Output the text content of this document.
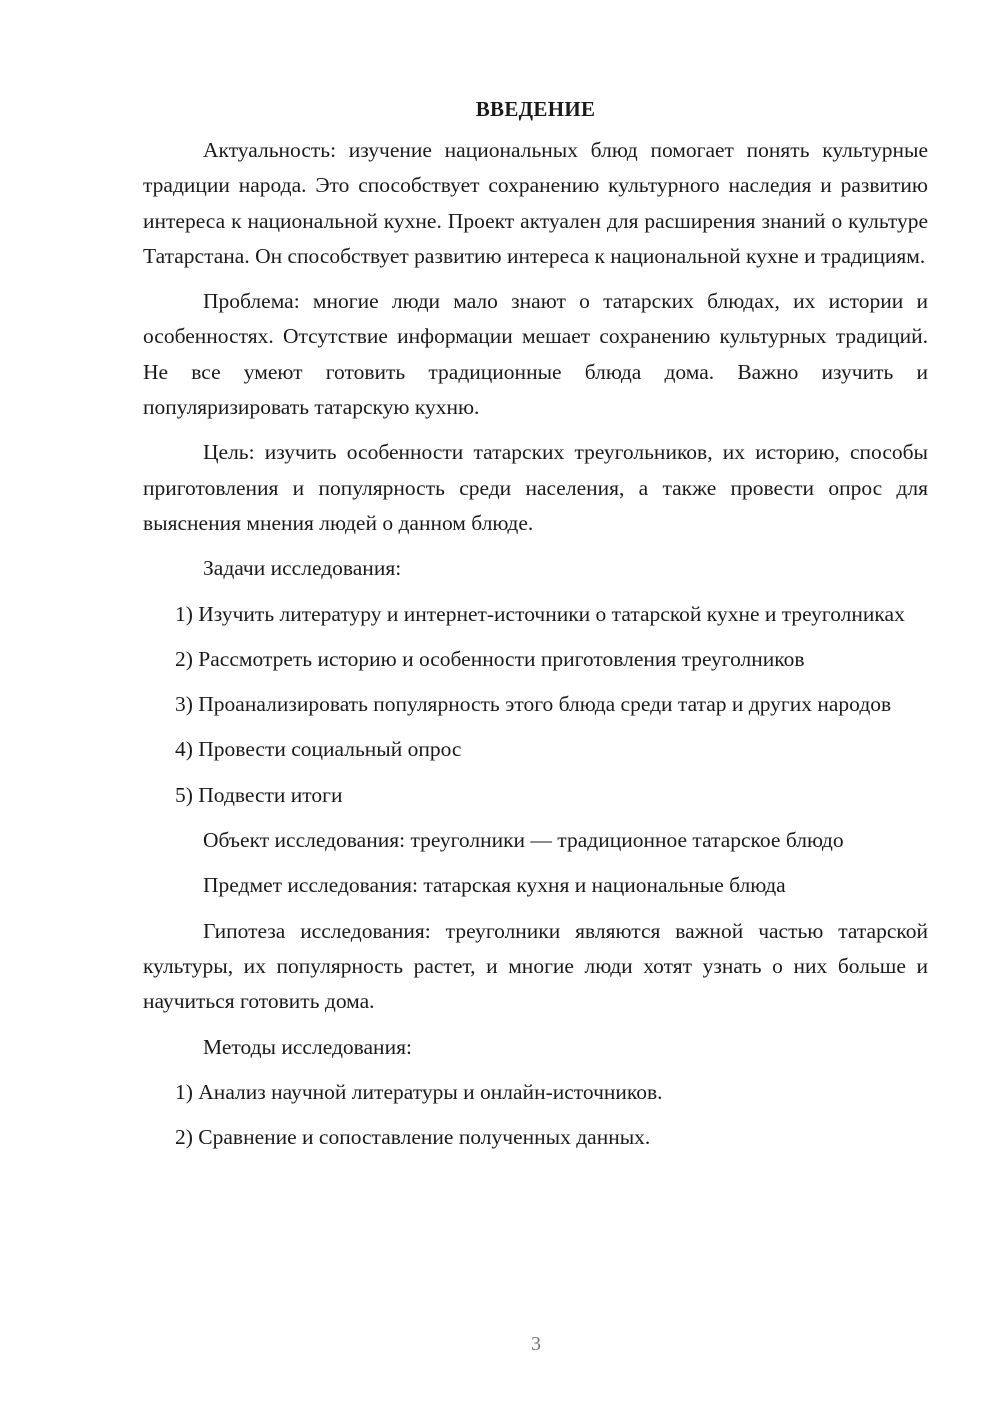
ВВЕДЕНИЕ

Актуальность: изучение национальных блюд помогает понять культурные традиции народа. Это способствует сохранению культурного наследия и развитию интереса к национальной кухне. Проект актуален для расширения знаний о культуре Татарстана. Он способствует развитию интереса к национальной кухне и традициям.

Проблема: многие люди мало знают о татарских блюдах, их истории и особенностях. Отсутствие информации мешает сохранению культурных традиций. Не все умеют готовить традиционные блюда дома. Важно изучить и популяризировать татарскую кухню.

Цель: изучить особенности татарских треугольников, их историю, способы приготовления и популярность среди населения, а также провести опрос для выяснения мнения людей о данном блюде.

Задачи исследования:

1) Изучить литературу и интернет-источники о татарской кухне и треуголниках

2) Рассмотреть историю и особенности приготовления треуголников

3) Проанализировать популярность этого блюда среди татар и других народов

4) Провести социальный опрос

5) Подвести итоги

Объект исследования: треуголники — традиционное татарское блюдо

Предмет исследования: татарская кухня и национальные блюда

Гипотеза исследования: треуголники являются важной частью татарской культуры, их популярность растет, и многие люди хотят узнать о них больше и научиться готовить дома.

Методы исследования:

1) Анализ научной литературы и онлайн-источников.

2) Сравнение и сопоставление полученных данных.

3
